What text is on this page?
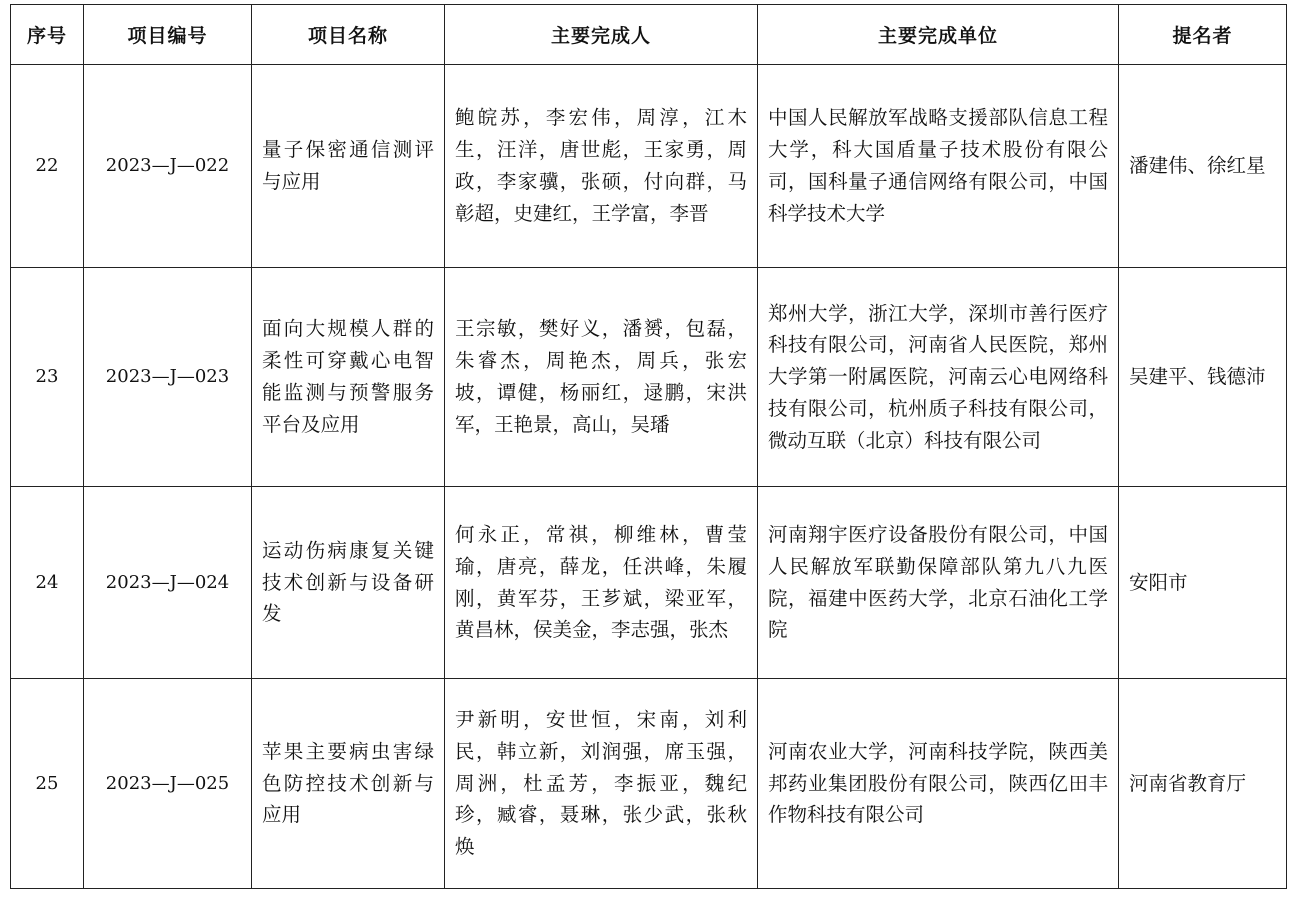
序号	项目编号	项目名称	主要完成人	主要完成单位	提名者
22	2023—J—022	量子保密通信测评与应用	鲍皖苏，李宏伟，周淳，江木生，汪洋，唐世彪，王家勇，周政，李家骥，张硕，付向群，马彰超，史建红，王学富，李晋	中国人民解放军战略支援部队信息工程大学，科大国盾量子技术股份有限公司，国科量子通信网络有限公司，中国科学技术大学	潘建伟、徐红星
23	2023—J—023	面向大规模人群的柔性可穿戴心电智能监测与预警服务平台及应用	王宗敏，樊好义，潘赟，包磊，朱睿杰，周艳杰，周兵，张宏坡，谭健，杨丽红，逯鹏，宋洪军，王艳景，高山，吴璠	郑州大学，浙江大学，深圳市善行医疗科技有限公司，河南省人民医院，郑州大学第一附属医院，河南云心电网络科技有限公司，杭州质子科技有限公司，微动互联（北京）科技有限公司	吴建平、钱德沛
24	2023—J—024	运动伤病康复关键技术创新与设备研发	何永正，常祺，柳维林，曹莹瑜，唐亮，薛龙，任洪峰，朱履刚，黄军芬，王芗斌，梁亚军，黄昌林，侯美金，李志强，张杰	河南翔宇医疗设备股份有限公司，中国人民解放军联勤保障部队第九八九医院，福建中医药大学，北京石油化工学院	安阳市
25	2023—J—025	苹果主要病虫害绿色防控技术创新与应用	尹新明，安世恒，宋南，刘利民，韩立新，刘润强，席玉强，周洲，杜孟芳，李振亚，魏纪珍，臧睿，聂琳，张少武，张秋焕	河南农业大学，河南科技学院，陕西美邦药业集团股份有限公司，陕西亿田丰作物科技有限公司	河南省教育厅
